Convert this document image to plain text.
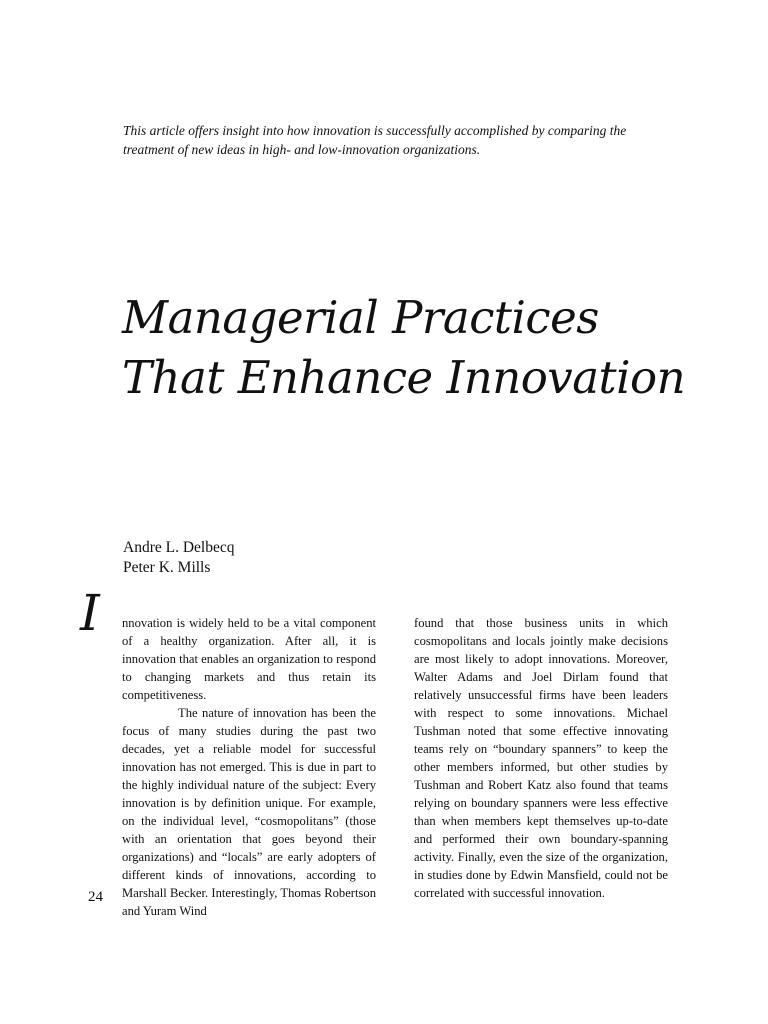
This article offers insight into how innovation is successfully accomplished by comparing the treatment of new ideas in high- and low-innovation organizations.

Managerial Practices
That Enhance Innovation
Andre L. Delbecq
Peter K. Mills
I nnovation is widely held to be a vital component of a healthy organization. After all, it is innovation that enables an organization to respond to changing markets and thus retain its competitiveness.

The nature of innovation has been the focus of many studies during the past two decades, yet a reliable model for successful innovation has not emerged. This is due in part to the highly individual nature of the subject: Every innovation is by definition unique. For example, on the individual level, “cosmopolitans” (those with an orientation that goes beyond their organizations) and “locals” are early adopters of different kinds of innovations, according to Marshall Becker. Interestingly, Thomas Robertson and Yuram Wind

found that those business units in which cosmopolitans and locals jointly make decisions are most likely to adopt innovations. Moreover, Walter Adams and Joel Dirlam found that relatively unsuccessful firms have been leaders with respect to some innovations. Michael Tushman noted that some effective innovating teams rely on “boundary spanners” to keep the other members informed, but other studies by Tushman and Robert Katz also found that teams relying on boundary spanners were less effective than when members kept themselves up-to-date and performed their own boundary-spanning activity. Finally, even the size of the organization, in studies done by Edwin Mansfield, could not be correlated with successful innovation.

24
